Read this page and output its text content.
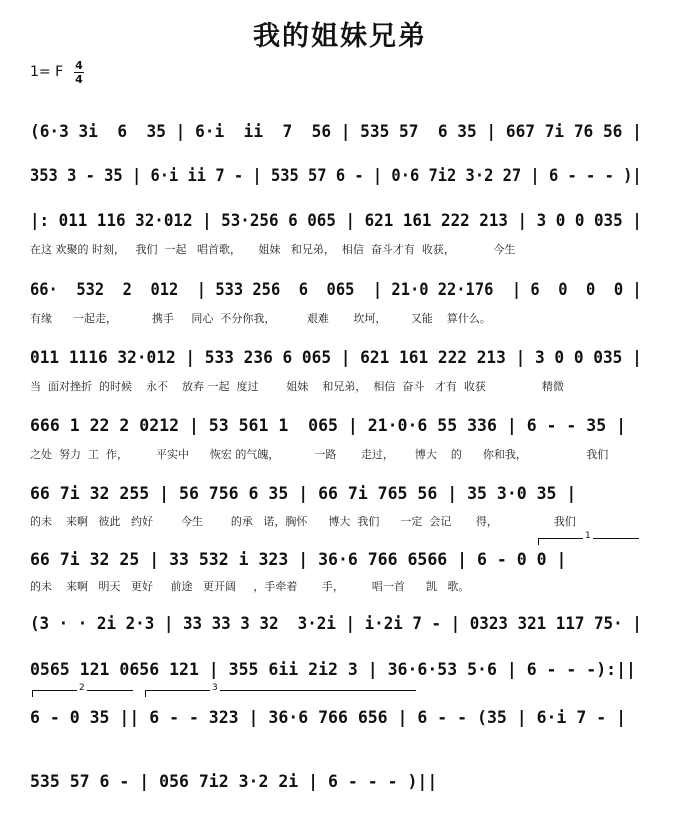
我的姐妹兄弟
1= F 4
4
(6·3 3i  6  35 | 6·i  ii  7  56 | 535 57  6 35 | 667 7i 76 56 |
353 3 - 35 | 6·i ii 7 - | 535 57 6 - | 0·6 7i2 3·2 27 | 6 - - - )|
|: 011 116 32·012 | 53·256 6 065 | 621 161 222 213 | 3 0 0 035 |
在这 欢聚的 时刻，   我们  一起   唱首歌，     姐妹   和兄弟，  相信  奋斗才有  收获，           今生
66·  532  2  012  | 533 256  6  065  | 21·0 22·176  | 6  0  0  0 |
有缘      一起走，          携手     同心  不分你我，         艰难       坎坷，       又能    算什么。
011 1116 32·012 | 533 236 6 065 | 621 161 222 213 | 3 0 0 035 |
当  面对挫折  的时候    永不    放弃 一起  度过        姐妹    和兄弟，  相信  奋斗   才有  收获                精微
666 1 22 2 0212 | 53 561 1  065 | 21·0·6 55 336 | 6 - - 35 |
之处  努力  工  作，        平实中      恢宏 的气魄，          一路       走过，      博大    的      你和我，                 我们
66 7i 32 255 | 56 756 6 35 | 66 7i 765 56 | 35 3·0 35 |
的未    来啊   彼此   约好        今生        的承   诺，胸怀      博大  我们      一定  会记       得，                我们
1
66 7i 32 25 | 33 532 i 323 | 36·6 766 6566 | 6 - 0 0 |
的未    来啊   明天   更好     前途   更开阔     ，手牵着       手，        唱一首      凯   歌。
(3 · · 2i 2·3 | 33 33 3 32  3·2i | i·2i 7 - | 0323 321 117 75· |
0565 121 0656 121 | 355 6ii 2i2 3 | 36·6·53 5·6 | 6 - - -):||
2	3
6 - 0 35 || 6 - - 323 | 36·6 766 656 | 6 - - (35 | 6·i 7 - |
535 57 6 - | 056 7i2 3·2 2i | 6 - - - )||
